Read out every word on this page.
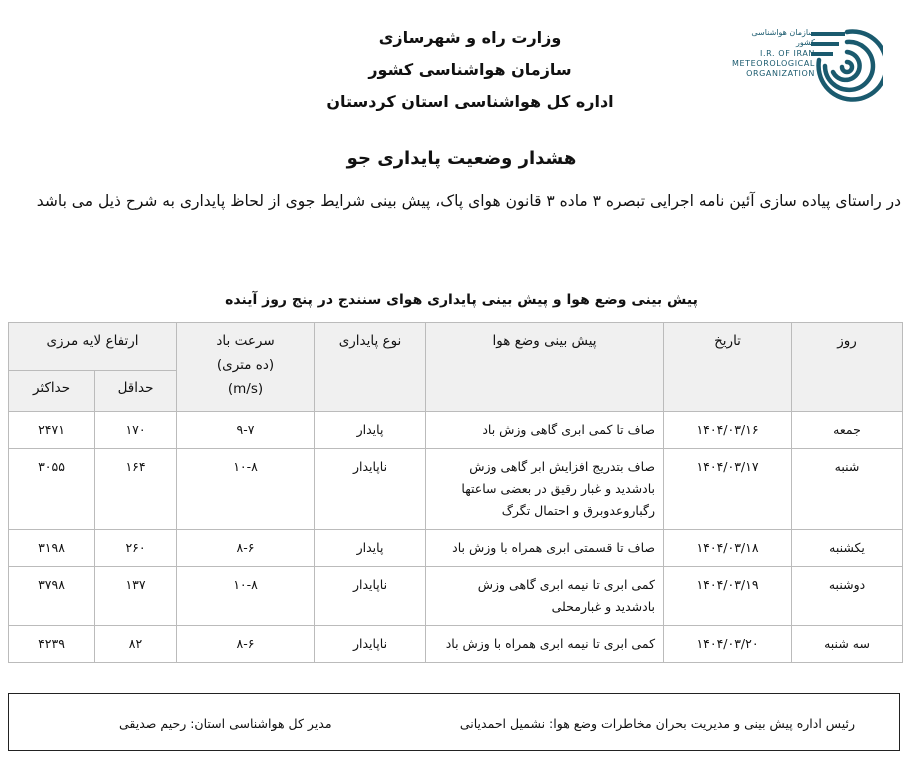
وزارت راه و شهرسازی
سازمان هواشناسی کشور
اداره کل هواشناسی استان کردستان
سازمان هواشناسی کشور
I.R. OF IRAN
METEOROLOGICAL
ORGANIZATION
هشدار وضعیت پایداری جو
در راستای پیاده سازی آئین نامه اجرایی تبصره ۳ ماده ۳ قانون هوای پاک، پیش بینی شرایط جوی از لحاظ پایداری به شرح ذیل می باشد
پیش بینی وضع هوا و پیش بینی پایداری هوای سنندج در پنج روز آینده
روز	تاریخ	پیش بینی وضع هوا	نوع پایداری	سرعت باد
(ده متری)
(m/s)	ارتفاع لایه مرزی	
					حداقل	حداکثر
جمعه	۱۴۰۴/۰۳/۱۶	صاف تا کمی ابری گاهی وزش باد	پایدار	۹-۷	۱۷۰	۲۴۷۱
شنبه	۱۴۰۴/۰۳/۱۷	صاف بتدریج افزایش ابر گاهی وزش بادشدید و غبار رقیق در بعضی ساعتها رگباروعدوبرق و احتمال تگرگ	ناپایدار	۱۰-۸	۱۶۴	۳۰۵۵
یکشنبه	۱۴۰۴/۰۳/۱۸	صاف تا قسمتی ابری همراه با وزش باد	پایدار	۸-۶	۲۶۰	۳۱۹۸
دوشنبه	۱۴۰۴/۰۳/۱۹	کمی ابری تا نیمه ابری گاهی وزش بادشدید و غبارمحلی	ناپایدار	۱۰-۸	۱۳۷	۳۷۹۸
سه شنبه	۱۴۰۴/۰۳/۲۰	کمی ابری تا نیمه ابری همراه با وزش باد	ناپایدار	۸-۶	۸۲	۴۲۳۹
رئیس اداره پیش بینی و مدیریت بحران مخاطرات وضع هوا: نشمیل احمدیانی
مدیر کل هواشناسی استان: رحیم صدیقی
